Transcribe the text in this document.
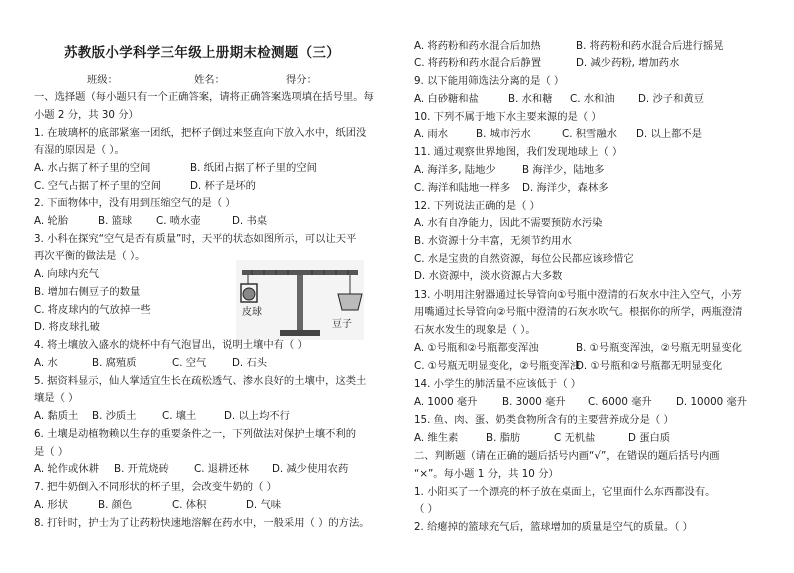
苏教版小学科学三年级上册期末检测题（三）
班级：	姓名：	得分：
一、选择题（每小题只有一个正确答案，请将正确答案选项填在括号里。每
小题 2 分，共 30 分）
1. 在玻璃杯的底部紧塞一团纸，把杯子倒过来竖直向下放入水中，纸团没
有湿的原因是（ ）。
A. 水占据了杯子里的空间	B. 纸团占据了杯子里的空间
C. 空气占据了杯子里的空间	D. 杯子是坏的
2. 下面物体中，没有用到压缩空气的是（ ）
A. 轮胎	B. 篮球 C. 喷水壶	D. 书桌
3. 小科在探究“空气是否有质量”时，天平的状态如图所示，可以让天平
再次平衡的做法是（ ）。
A. 向球内充气
B. 增加右侧豆子的数量
C. 将皮球内的气放掉一些
D. 将皮球扎破
皮球
豆子
4. 将土壤放入盛水的烧杯中有气泡冒出，说明土壤中有（ ）
A. 水	B. 腐殖质	C. 空气 D. 石头
5. 据资料显示，仙人掌适宜生长在疏松透气、渗水良好的土壤中，这类土
壤是（ ）
A. 黏质土 B. 沙质土 C. 壤土	D. 以上均不行
6. 土壤是动植物赖以生存的重要条件之一，下列做法对保护土壤不利的
是（ ）
A. 轮作或休耕 B. 开荒烧砖 C. 退耕还林 D. 减少使用农药
7. 把牛奶倒入不同形状的杯子里，会改变牛奶的（ ）
A. 形状	B. 颜色	C. 体积	D. 气味
8. 打针时，护士为了让药粉快速地溶解在药水中，一般采用（ ）的方法。
A. 将药粉和药水混合后加热	B. 将药粉和药水混合后进行摇晃
C. 将药粉和药水混合后静置	D. 减少药粉, 增加药水
9. 以下能用筛选法分离的是（ ）
A. 白砂糖和盐	B. 水和糖 C. 水和油 D. 沙子和黄豆
10. 下列不属于地下水主要来源的是（ ）
A. 雨水	B. 城市污水	C. 积雪融水 D. 以上都不是
11. 通过观察世界地图，我们发现地球上（ ）
A. 海洋多, 陆地少	B 海洋少，陆地多
C. 海洋和陆地一样多 D. 海洋少，森林多
12. 下列说法正确的是（ ）
A. 水有自净能力，因此不需要预防水污染
B. 水资源十分丰富，无须节约用水
C. 水是宝贵的自然资源，每位公民都应该珍惜它
D. 水资源中，淡水资源占大多数
13. 小明用注射器通过长导管向①号瓶中澄清的石灰水中注入空气，小芳
用嘴通过长导管向②号瓶中澄清的石灰水吹气。根据你的所学，两瓶澄清
石灰水发生的现象是（ ）。
A. ①号瓶和②号瓶都变浑浊	B. ①号瓶变浑浊，②号瓶无明显变化
C. ①号瓶无明显变化，②号瓶变浑浊
D. ①号瓶和②号瓶都无明显变化
14. 小学生的肺活量不应该低于（ ）
A. 1000 毫升 B. 3000 毫升 C. 6000 毫升 D. 10000 毫升
15. 鱼、肉、蛋、奶类食物所含有的主要营养成分是（ ）
A. 维生素	B. 脂肪	C 无机盐	D 蛋白质
二、判断题（请在正确的题后括号内画“√”，在错误的题后括号内画
“×”。每小题 1 分，共 10 分）
1. 小阳买了一个漂亮的杯子放在桌面上，它里面什么东西都没有。
（ ）
2. 给瘪掉的篮球充气后，篮球增加的质量是空气的质量。（ ）
